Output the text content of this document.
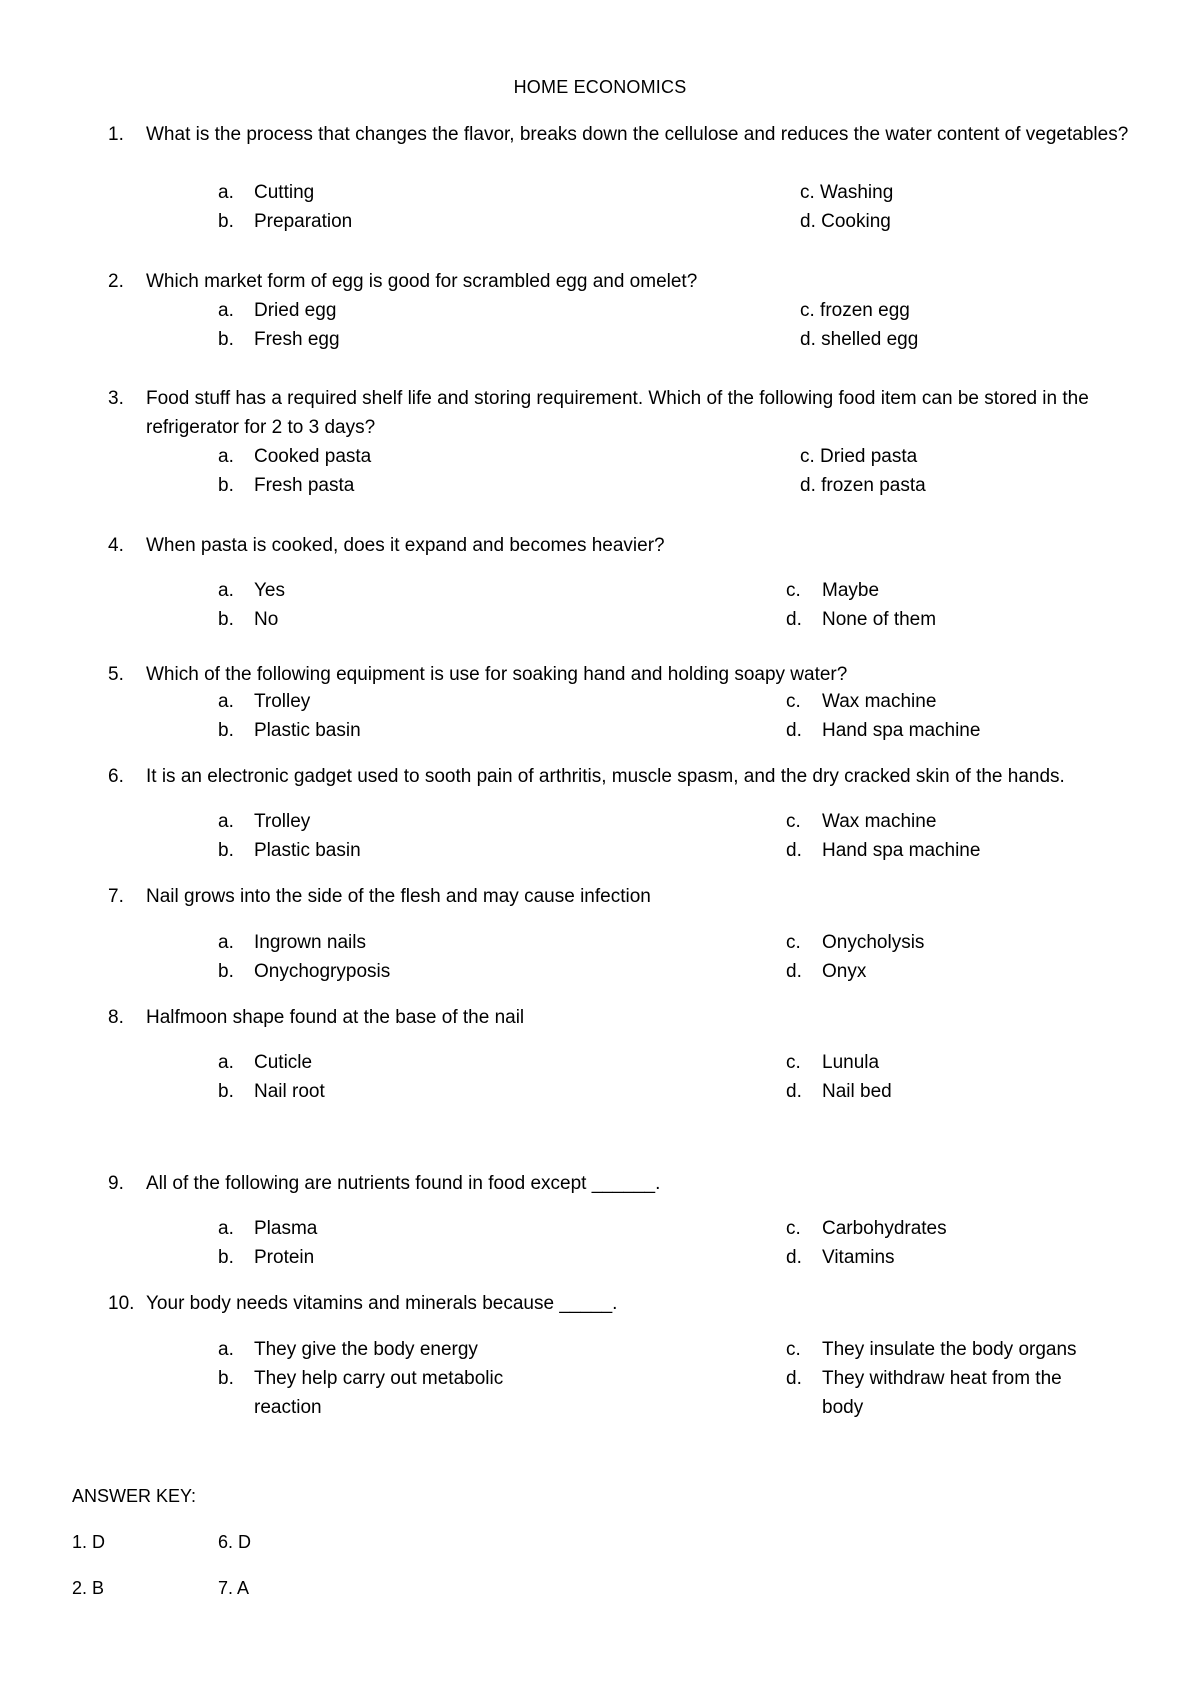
HOME ECONOMICS
1.	What is the process that changes the flavor, breaks down the cellulose and reduces the water content of vegetables?
a. Cutting
b. Preparation
c. Washing
d. Cooking
2.	Which market form of egg is good for scrambled egg and omelet?
a. Dried egg
b. Fresh egg
c. frozen egg
d. shelled egg
3.	Food stuff has a required shelf life and storing requirement. Which of the following food item can be stored in the refrigerator for 2 to 3 days?
a. Cooked pasta
b. Fresh pasta
c. Dried pasta
d. frozen pasta
4.	When pasta is cooked, does it expand and becomes heavier?
a. Yes
b. No
c. Maybe
d. None of them
5.	Which of the following equipment is use for soaking hand and holding soapy water?
a. Trolley
b. Plastic basin
c. Wax machine
d. Hand spa machine
6.	It is an electronic gadget used to sooth pain of arthritis, muscle spasm, and the dry cracked skin of the hands.
a. Trolley
b. Plastic basin
c. Wax machine
d. Hand spa machine
7.	Nail grows into the side of the flesh and may cause infection
a. Ingrown nails
b. Onychogryposis
c. Onycholysis
d. Onyx
8.	Halfmoon shape found at the base of the nail
a. Cuticle
b. Nail root
c. Lunula
d. Nail bed
9.	All of the following are nutrients found in food except ______.
a. Plasma
b. Protein
c. Carbohydrates
d. Vitamins
10. Your body needs vitamins and minerals because _____.
a. They give the body energy
b. They help carry out metabolic reaction
c. They insulate the body organs
d. They withdraw heat from the body
ANSWER KEY:
1. D	6. D
2. B	7. A
